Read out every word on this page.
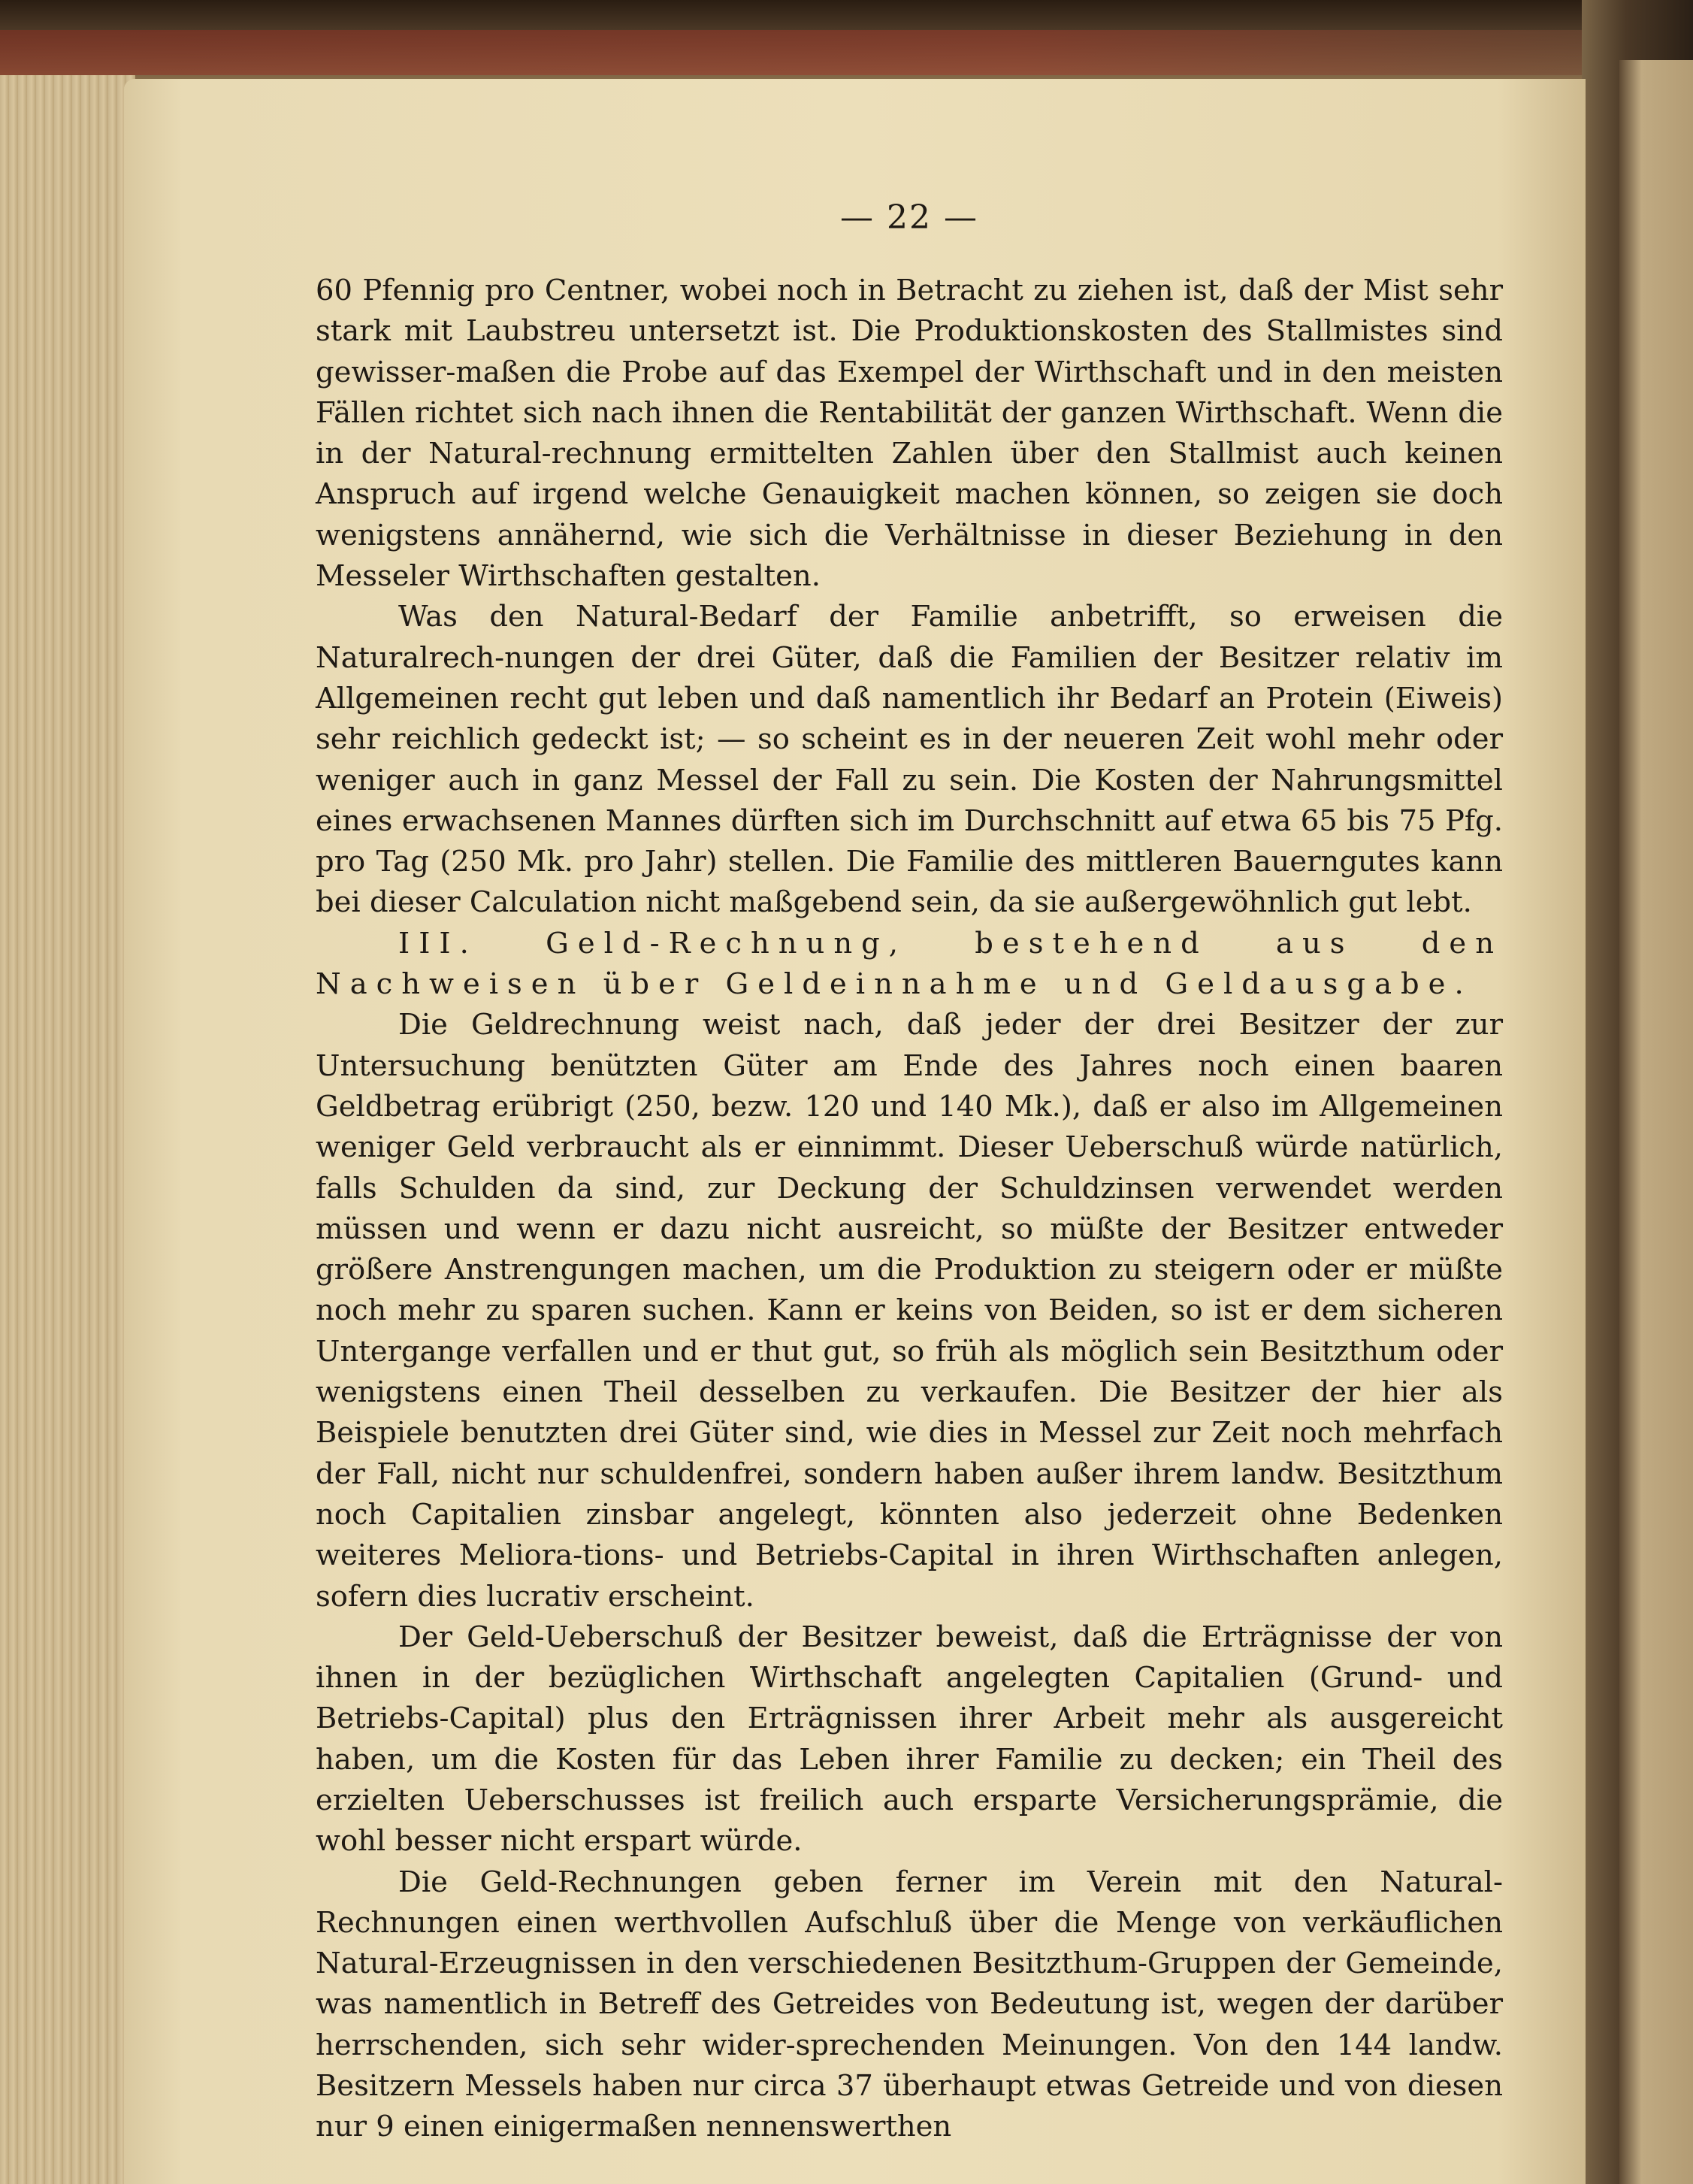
— 22 —

60 Pfennig pro Centner, wobei noch in Betracht zu ziehen ist, daß der Mist sehr stark mit Laubstreu untersetzt ist. Die Produktionskosten des Stallmistes sind gewisser-maßen die Probe auf das Exempel der Wirthschaft und in den meisten Fällen richtet sich nach ihnen die Rentabilität der ganzen Wirthschaft. Wenn die in der Natural-rechnung ermittelten Zahlen über den Stallmist auch keinen Anspruch auf irgend welche Genauigkeit machen können, so zeigen sie doch wenigstens annähernd, wie sich die Verhältnisse in dieser Beziehung in den Messeler Wirthschaften gestalten.

Was den Natural-Bedarf der Familie anbetrifft, so erweisen die Naturalrech-nungen der drei Güter, daß die Familien der Besitzer relativ im Allgemeinen recht gut leben und daß namentlich ihr Bedarf an Protein (Eiweis) sehr reichlich gedeckt ist; — so scheint es in der neueren Zeit wohl mehr oder weniger auch in ganz Messel der Fall zu sein. Die Kosten der Nahrungsmittel eines erwachsenen Mannes dürften sich im Durchschnitt auf etwa 65 bis 75 Pfg. pro Tag (250 Mk. pro Jahr) stellen. Die Familie des mittleren Bauerngutes kann bei dieser Calculation nicht maßgebend sein, da sie außergewöhnlich gut lebt.

III. Geld-Rechnung, bestehend aus den Nachweisen über Geldeinnahme und Geldausgabe.

Die Geldrechnung weist nach, daß jeder der drei Besitzer der zur Untersuchung benützten Güter am Ende des Jahres noch einen baaren Geldbetrag erübrigt (250, bezw. 120 und 140 Mk.), daß er also im Allgemeinen weniger Geld verbraucht als er einnimmt. Dieser Ueberschuß würde natürlich, falls Schulden da sind, zur Deckung der Schuldzinsen verwendet werden müssen und wenn er dazu nicht ausreicht, so müßte der Besitzer entweder größere Anstrengungen machen, um die Produktion zu steigern oder er müßte noch mehr zu sparen suchen. Kann er keins von Beiden, so ist er dem sicheren Untergange verfallen und er thut gut, so früh als möglich sein Besitzthum oder wenigstens einen Theil desselben zu verkaufen. Die Besitzer der hier als Beispiele benutzten drei Güter sind, wie dies in Messel zur Zeit noch mehrfach der Fall, nicht nur schuldenfrei, sondern haben außer ihrem landw. Besitzthum noch Capitalien zinsbar angelegt, könnten also jederzeit ohne Bedenken weiteres Meliora-tions- und Betriebs-Capital in ihren Wirthschaften anlegen, sofern dies lucrativ erscheint.

Der Geld-Ueberschuß der Besitzer beweist, daß die Erträgnisse der von ihnen in der bezüglichen Wirthschaft angelegten Capitalien (Grund- und Betriebs-Capital) plus den Erträgnissen ihrer Arbeit mehr als ausgereicht haben, um die Kosten für das Leben ihrer Familie zu decken; ein Theil des erzielten Ueberschusses ist freilich auch ersparte Versicherungsprämie, die wohl besser nicht erspart würde.

Die Geld-Rechnungen geben ferner im Verein mit den Natural-Rechnungen einen werthvollen Aufschluß über die Menge von verkäuflichen Natural-Erzeugnissen in den verschiedenen Besitzthum-Gruppen der Gemeinde, was namentlich in Betreff des Getreides von Bedeutung ist, wegen der darüber herrschenden, sich sehr wider-sprechenden Meinungen. Von den 144 landw. Besitzern Messels haben nur circa 37 überhaupt etwas Getreide und von diesen nur 9 einen einigermaßen nennenswerthen
